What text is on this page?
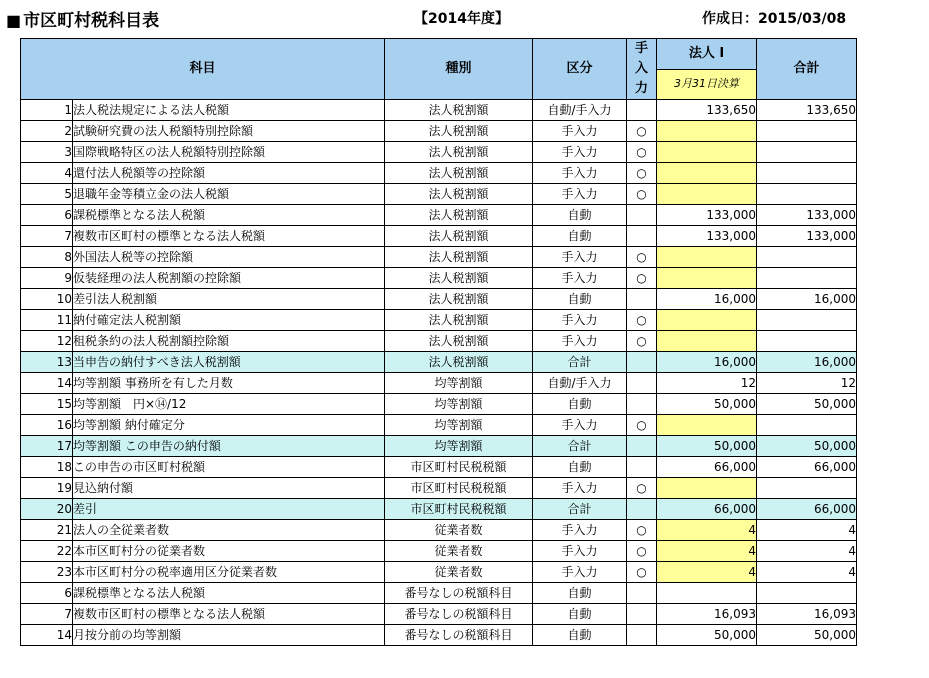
■ 市区町村税科目表	【2014年度】	作成日：2015/03/08
科目		種別	区分	手
入
力	法人 Ⅰ	合計
					3月31日決算	
1	法人税法規定による法人税額	法人税割額	自動/手入力		133,650	133,650
2	試験研究費の法人税額特別控除額	法人税割額	手入力	○		
3	国際戦略特区の法人税額特別控除額	法人税割額	手入力	○		
4	還付法人税額等の控除額	法人税割額	手入力	○		
5	退職年金等積立金の法人税額	法人税割額	手入力	○		
6	課税標準となる法人税額	法人税割額	自動		133,000	133,000
7	複数市区町村の標準となる法人税額	法人税割額	自動		133,000	133,000
8	外国法人税等の控除額	法人税割額	手入力	○		
9	仮装経理の法人税割額の控除額	法人税割額	手入力	○		
10	差引法人税割額	法人税割額	自動		16,000	16,000
11	納付確定法人税割額	法人税割額	手入力	○		
12	租税条約の法人税割額控除額	法人税割額	手入力	○		
13	当申告の納付すべき法人税割額	法人税割額	合計		16,000	16,000
14	均等割額 事務所を有した月数	均等割額	自動/手入力		12	12
15	均等割額　円×⑭/12	均等割額	自動		50,000	50,000
16	均等割額 納付確定分	均等割額	手入力	○		
17	均等割額 この申告の納付額	均等割額	合計		50,000	50,000
18	この申告の市区町村税額	市区町村民税税額	自動		66,000	66,000
19	見込納付額	市区町村民税税額	手入力	○		
20	差引	市区町村民税税額	合計		66,000	66,000
21	法人の全従業者数	従業者数	手入力	○	4	4
22	本市区町村分の従業者数	従業者数	手入力	○	4	4
23	本市区町村分の税率適用区分従業者数	従業者数	手入力	○	4	4
6	課税標準となる法人税額	番号なしの税額科目	自動			
7	複数市区町村の標準となる法人税額	番号なしの税額科目	自動		16,093	16,093
14	月按分前の均等割額	番号なしの税額科目	自動		50,000	50,000
